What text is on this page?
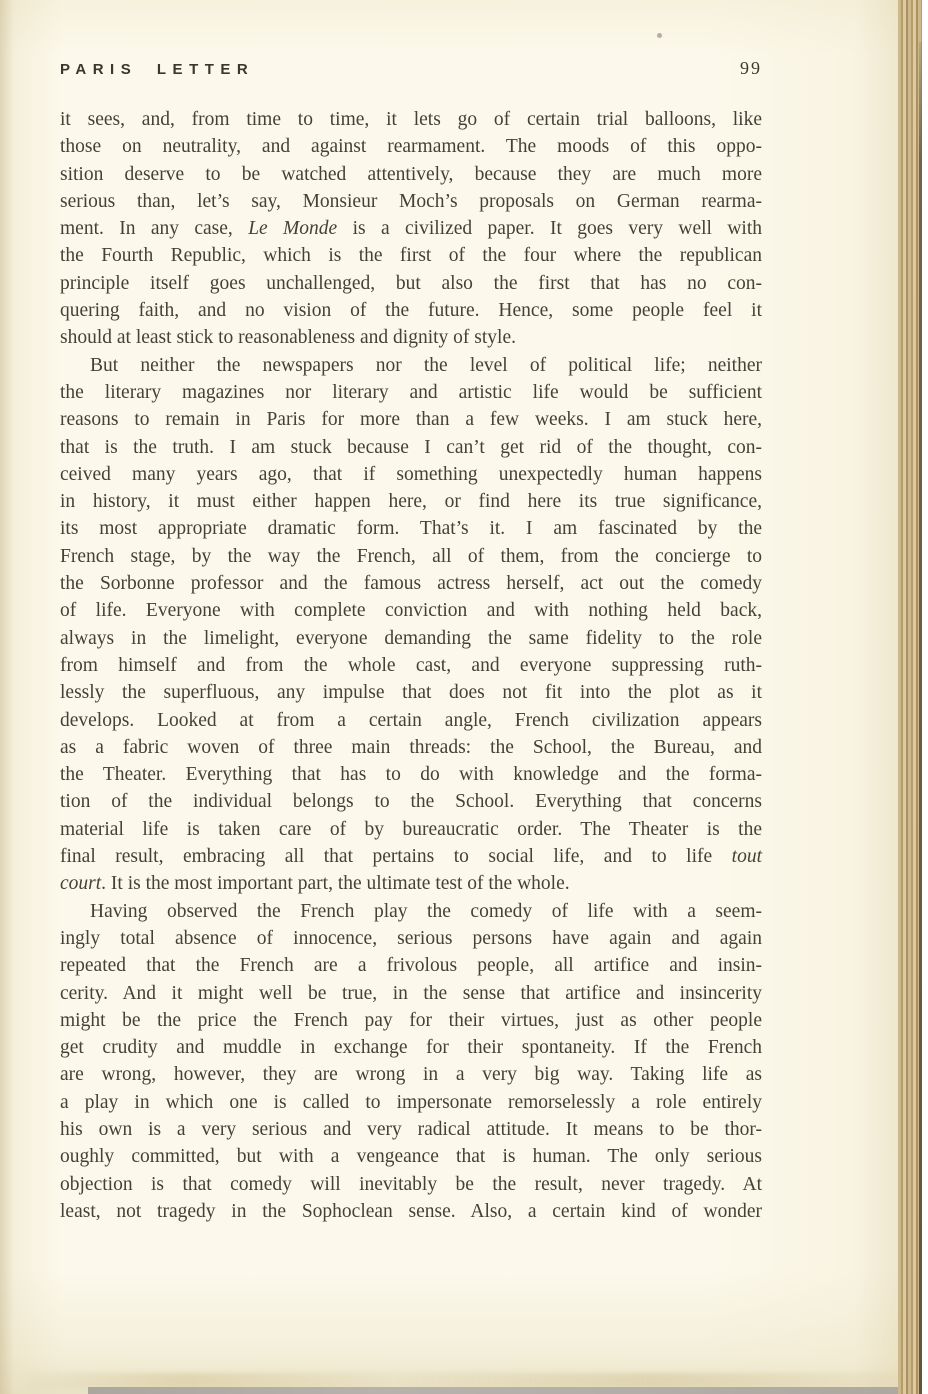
PARIS LETTER	99
it sees, and, from time to time, it lets go of certain trial balloons, like
those on neutrality, and against rearmament. The moods of this oppo-
sition deserve to be watched attentively, because they are much more
serious than, let’s say, Monsieur Moch’s proposals on German rearma-
ment. In any case, Le Monde is a civilized paper. It goes very well with
the Fourth Republic, which is the first of the four where the republican
principle itself goes unchallenged, but also the first that has no con-
quering faith, and no vision of the future. Hence, some people feel it
should at least stick to reasonableness and dignity of style.
But neither the newspapers nor the level of political life; neither
the literary magazines nor literary and artistic life would be sufficient
reasons to remain in Paris for more than a few weeks. I am stuck here,
that is the truth. I am stuck because I can’t get rid of the thought, con-
ceived many years ago, that if something unexpectedly human happens
in history, it must either happen here, or find here its true significance,
its most appropriate dramatic form. That’s it. I am fascinated by the
French stage, by the way the French, all of them, from the concierge to
the Sorbonne professor and the famous actress herself, act out the comedy
of life. Everyone with complete conviction and with nothing held back,
always in the limelight, everyone demanding the same fidelity to the role
from himself and from the whole cast, and everyone suppressing ruth-
lessly the superfluous, any impulse that does not fit into the plot as it
develops. Looked at from a certain angle, French civilization appears
as a fabric woven of three main threads: the School, the Bureau, and
the Theater. Everything that has to do with knowledge and the forma-
tion of the individual belongs to the School. Everything that concerns
material life is taken care of by bureaucratic order. The Theater is the
final result, embracing all that pertains to social life, and to life tout
court. It is the most important part, the ultimate test of the whole.
Having observed the French play the comedy of life with a seem-
ingly total absence of innocence, serious persons have again and again
repeated that the French are a frivolous people, all artifice and insin-
cerity. And it might well be true, in the sense that artifice and insincerity
might be the price the French pay for their virtues, just as other people
get crudity and muddle in exchange for their spontaneity. If the French
are wrong, however, they are wrong in a very big way. Taking life as
a play in which one is called to impersonate remorselessly a role entirely
his own is a very serious and very radical attitude. It means to be thor-
oughly committed, but with a vengeance that is human. The only serious
objection is that comedy will inevitably be the result, never tragedy. At
least, not tragedy in the Sophoclean sense. Also, a certain kind of wonder
